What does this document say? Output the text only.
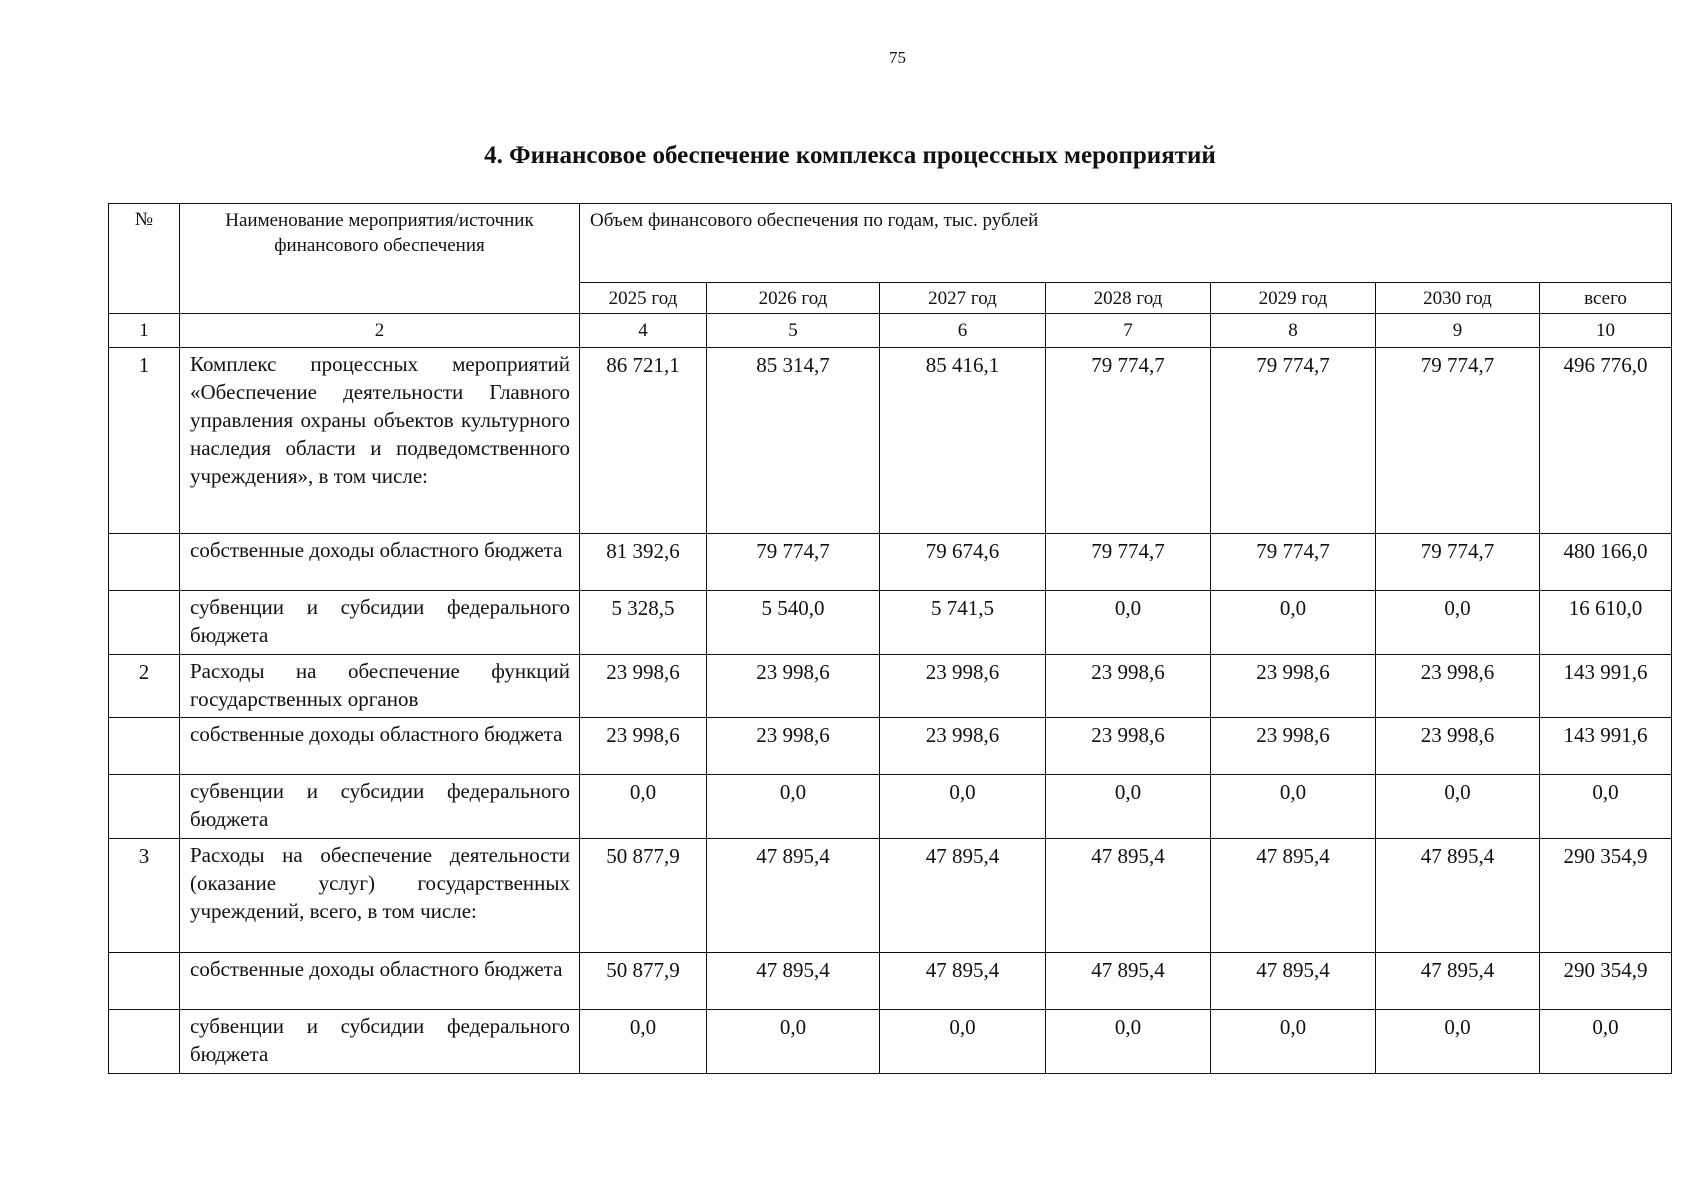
75
4. Финансовое обеспечение комплекса процессных мероприятий
№	Наименование мероприятия/источник финансового обеспечения	Объем финансового обеспечения по годам, тыс. рублей						
		2025 год	2026 год	2027 год	2028 год	2029 год	2030 год	всего
1	2	4	5	6	7	8	9	10
1	Комплекс процессных мероприятий «Обеспечение деятельности Главного управления охраны объектов культурного наследия области и подведомственного учреждения», в том числе:	86 721,1	85 314,7	85 416,1	79 774,7	79 774,7	79 774,7	496 776,0
	собственные доходы областного бюджета	81 392,6	79 774,7	79 674,6	79 774,7	79 774,7	79 774,7	480 166,0
	субвенции и субсидии федерального бюджета	5 328,5	5 540,0	5 741,5	0,0	0,0	0,0	16 610,0
2	Расходы на обеспечение функций государственных органов	23 998,6	23 998,6	23 998,6	23 998,6	23 998,6	23 998,6	143 991,6
	собственные доходы областного бюджета	23 998,6	23 998,6	23 998,6	23 998,6	23 998,6	23 998,6	143 991,6
	субвенции и субсидии федерального бюджета	0,0	0,0	0,0	0,0	0,0	0,0	0,0
3	Расходы на обеспечение деятельности (оказание услуг) государственных учреждений, всего, в том числе:	50 877,9	47 895,4	47 895,4	47 895,4	47 895,4	47 895,4	290 354,9
	собственные доходы областного бюджета	50 877,9	47 895,4	47 895,4	47 895,4	47 895,4	47 895,4	290 354,9
	субвенции и субсидии федерального бюджета	0,0	0,0	0,0	0,0	0,0	0,0	0,0
